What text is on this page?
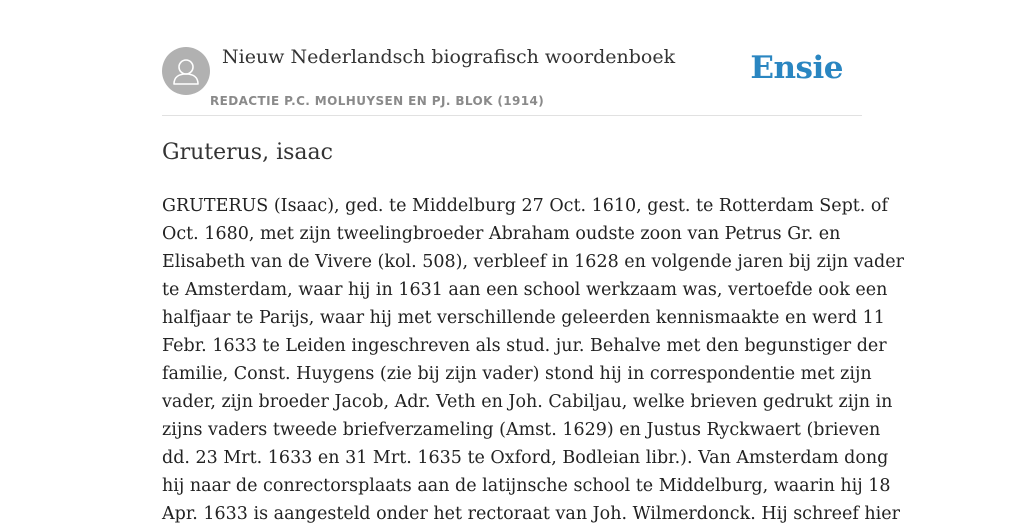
Nieuw Nederlandsch biografisch woordenboek
REDACTIE P.C. MOLHUYSEN EN PJ. BLOK (1914)
Ensie
Gruterus, isaac
GRUTERUS (Isaac), ged. te Middelburg 27 Oct. 1610, gest. te Rotterdam Sept. of
Oct. 1680, met zijn tweelingbroeder Abraham oudste zoon van Petrus Gr. en
Elisabeth van de Vivere (kol. 508), verbleef in 1628 en volgende jaren bij zijn vader
te Amsterdam, waar hij in 1631 aan een school werkzaam was, vertoefde ook een
halfjaar te Parijs, waar hij met verschillende geleerden kennismaakte en werd 11
Febr. 1633 te Leiden ingeschreven als stud. jur. Behalve met den begunstiger der
familie, Const. Huygens (zie bij zijn vader) stond hij in correspondentie met zijn
vader, zijn broeder Jacob, Adr. Veth en Joh. Cabiljau, welke brieven gedrukt zijn in
zijns vaders tweede briefverzameling (Amst. 1629) en Justus Ryckwaert (brieven
dd. 23 Mrt. 1633 en 31 Mrt. 1635 te Oxford, Bodleian libr.). Van Amsterdam dong
hij naar de conrectorsplaats aan de latijnsche school te Middelburg, waarin hij 18
Apr. 1633 is aangesteld onder het rectoraat van Joh. Wilmerdonck. Hij schreef hier
